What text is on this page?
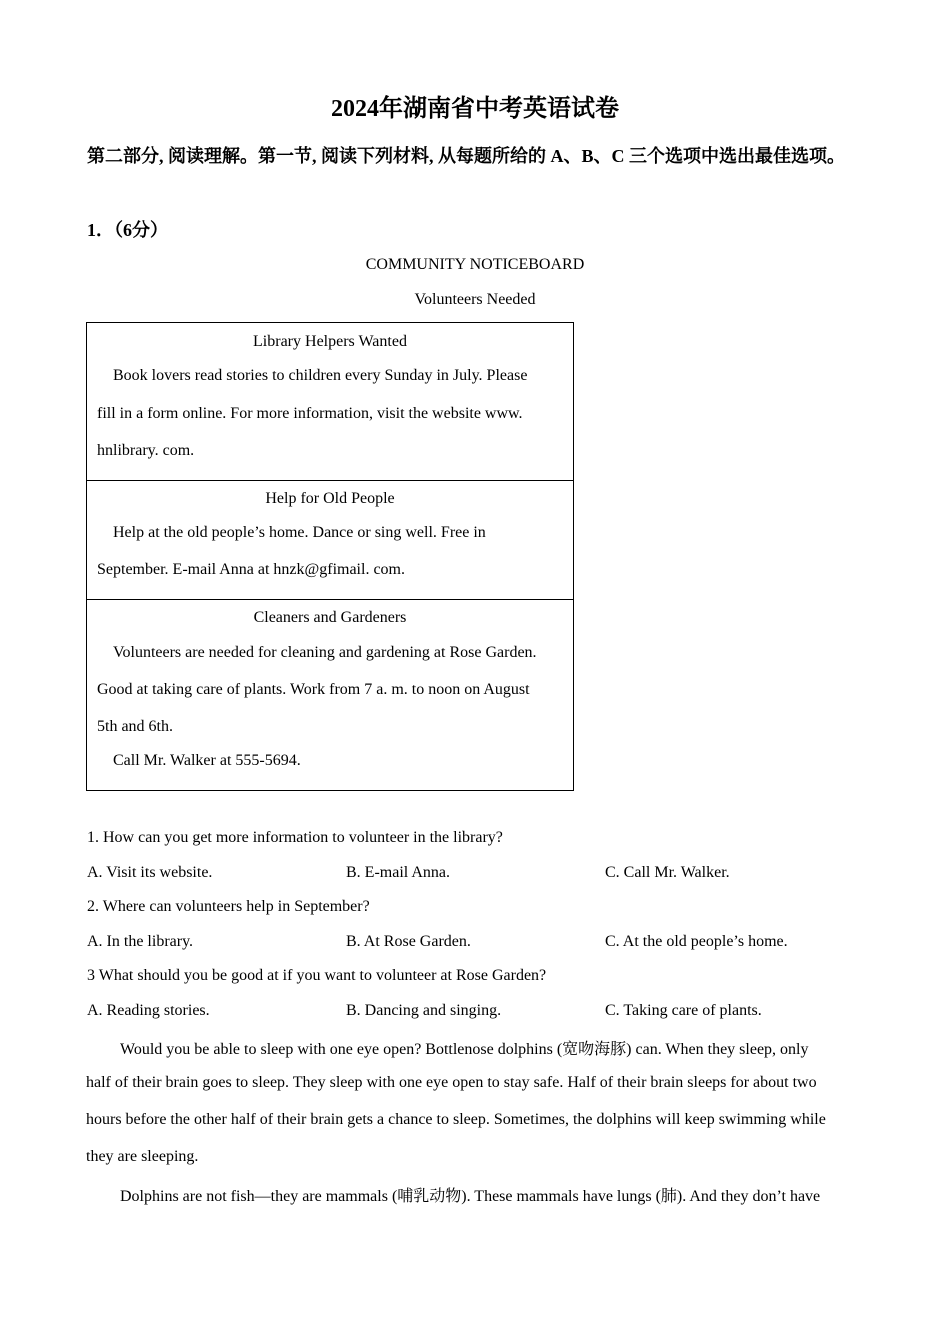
2024年湖南省中考英语试卷
第二部分, 阅读理解。第一节, 阅读下列材料, 从每题所给的 A、B、C 三个选项中选出最佳选项。
1．（6分）
COMMUNITY NOTICEBOARD
Volunteers Needed
Library Helpers Wanted
Book lovers read stories to children every Sunday in July. Please
fill in a form online. For more information, visit the website www.
hnlibrary. com.
Help for Old People
Help at the old people’s home. Dance or sing well. Free in
September. E-mail Anna at hnzk@gfimail. com.
Cleaners and Gardeners
Volunteers are needed for cleaning and gardening at Rose Garden.
Good at taking care of plants. Work from 7 a. m. to noon on August
5th and 6th.
Call Mr. Walker at 555-5694.
1. How can you get more information to volunteer in the library?
A. Visit its website.	B. E-mail Anna.	C. Call Mr. Walker.
2. Where can volunteers help in September?
A. In the library.	B. At Rose Garden.	C. At the old people’s home.
3 What should you be good at if you want to volunteer at Rose Garden?
A. Reading stories.	B. Dancing and singing.	C. Taking care of plants.
Would you be able to sleep with one eye open? Bottlenose dolphins (宽吻海豚) can. When they sleep, only
half of their brain goes to sleep. They sleep with one eye open to stay safe. Half of their brain sleeps for about two
hours before the other half of their brain gets a chance to sleep. Sometimes, the dolphins will keep swimming while
they are sleeping.
Dolphins are not fish—they are mammals (哺乳动物). These mammals have lungs (肺). And they don’t have
